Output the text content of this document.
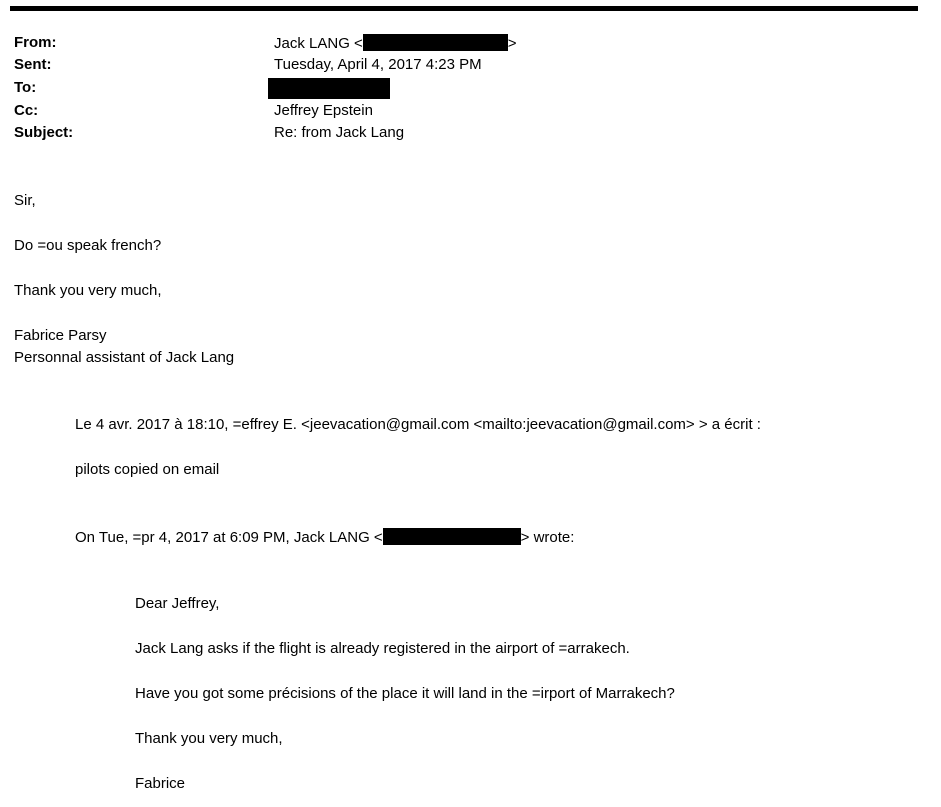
From:	Jack LANG <	>
Sent:	Tuesday, April 4, 2017 4:23 PM
To:
Cc:	Jeffrey Epstein
Subject:	Re: from Jack Lang
Sir,
Do =ou speak french?
Thank you very much,
Fabrice Parsy
Personnal assistant of Jack Lang
Le 4 avr. 2017 à 18:10, =effrey E. <jeevacation@gmail.com <mailto:jeevacation@gmail.com> > a écrit :
pilots copied on email
On Tue, =pr 4, 2017 at 6:09 PM, Jack LANG <	> wrote:
Dear Jeffrey,
Jack Lang asks if the flight is already registered in the airport of =arrakech.
Have you got some précisions of the place it will land in the =irport of Marrakech?
Thank you very much,
Fabrice
